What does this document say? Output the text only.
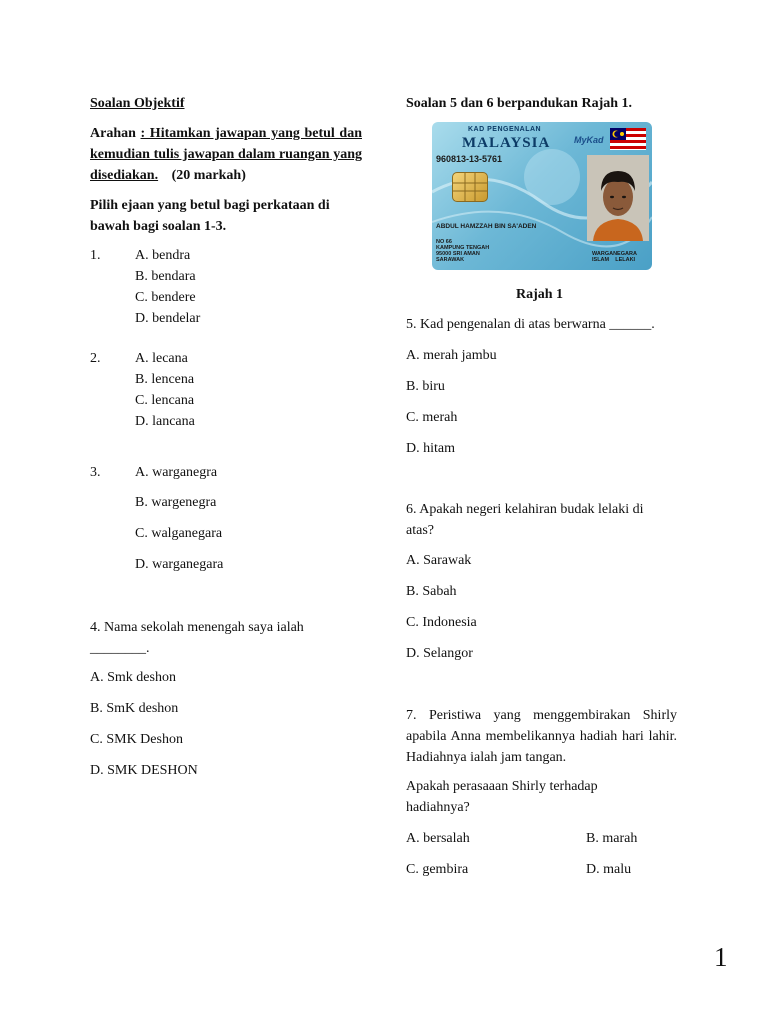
Soalan Objektif
Arahan : Hitamkan jawapan yang betul dan kemudian tulis jawapan dalam ruangan yang disediakan. (20 markah)
Pilih ejaan yang betul bagi perkataan di bawah bagi soalan 1-3.
1. A. bendra
B. bendara
C. bendere
D. bendelar
2. A. lecana
B. lencena
C. lencana
D. lancana
3. A. warganegra
B. wargenegra
C. walganegara
D. warganegara
4. Nama sekolah menengah saya ialah
________.
A. Smk deshon
B. SmK deshon
C. SMK Deshon
D. SMK DESHON
Soalan 5 dan 6 berpandukan Rajah 1.
KAD PENGENALAN
MALAYSIA	MyKad
960813-13-5761
ABDUL HAMZZAH BIN SA'ADEN
NO 66
KAMPUNG TENGAH
95000 SRI AMAN
SARAWAK
WARGANEGARA
ISLAM    LELAKI
Rajah 1
5. Kad pengenalan di atas berwarna ______.
A. merah jambu
B. biru
C. merah
D. hitam
6. Apakah negeri kelahiran budak lelaki di
atas?
A. Sarawak
B. Sabah
C. Indonesia
D. Selangor
7. Peristiwa yang menggembirakan Shirly apabila Anna membelikannya hadiah hari lahir. Hadiahnya ialah jam tangan.
Apakah perasaaan Shirly terhadap hadiahnya?
A. bersalah	B. marah
C. gembira	D. malu
1
